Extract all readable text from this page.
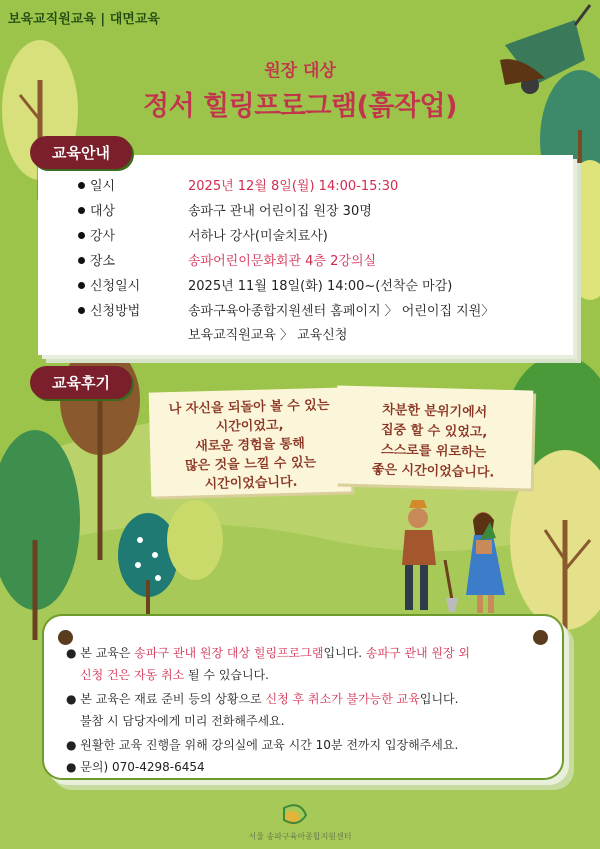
보육교직원교육 | 대면교육
원장 대상
정서 힐링프로그램(흙작업)
일시	2025년 12월 8일(월) 14:00-15:30
대상	송파구 관내 어린이집 원장 30명
강사	서하나 강사(미술치료사)
장소	송파어린이문화회관 4층 2강의실
신청일시	2025년 11월 18일(화) 14:00~(선착순 마감)
신청방법	송파구육아종합지원센터 홈페이지 〉 어린이집 지원〉
보육교직원교육 〉 교육신청
교육안내
교육후기
나 자신을 되돌아 볼 수 있는
시간이었고,
새로운 경험을 통해
많은 것을 느낄 수 있는
시간이었습니다.
차분한 분위기에서
집중 할 수 있었고,
스스로를 위로하는
좋은 시간이었습니다.
● 본 교육은 송파구 관내 원장 대상 힐링프로그램입니다. 송파구 관내 원장 외
신청 건은 자동 취소 될 수 있습니다.
● 본 교육은 재료 준비 등의 상황으로 신청 후 취소가 불가능한 교육입니다.
불참 시 담당자에게 미리 전화해주세요.
● 원활한 교육 진행을 위해 강의실에 교육 시간 10분 전까지 입장해주세요.
● 문의) 070-4298-6454
서울 송파구육아종합지원센터
